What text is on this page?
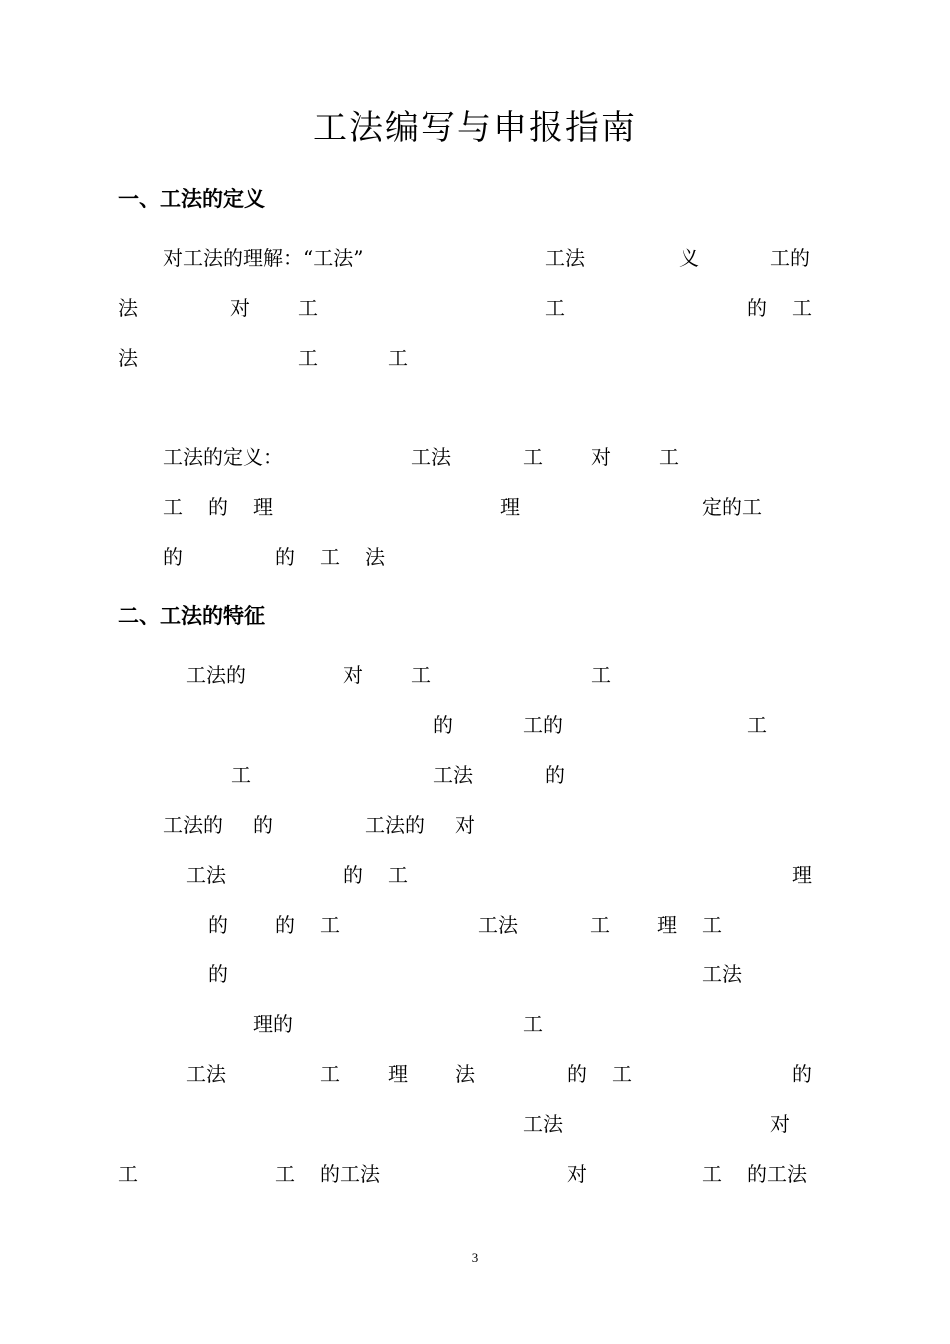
工法编写与申报指南
一、工法的定义
对工法的理解：“工法”	工法	义	工的
法	对 工	工	的 工
法	工	工
工法的定义：	工法	工 对 工
工 的 理	理	定的工
的	的 工 法
二、工法的特征
工法的	对 工	工
的	工的	工
工	工法	的
工法的 的	工法的 对
工法	的 工	理
的 的 工	工法	工 理 工
的	工法
理的	工
工法	工 理 法	的 工	的
工法	对
工	工 的工法	对	工 的工法
3
